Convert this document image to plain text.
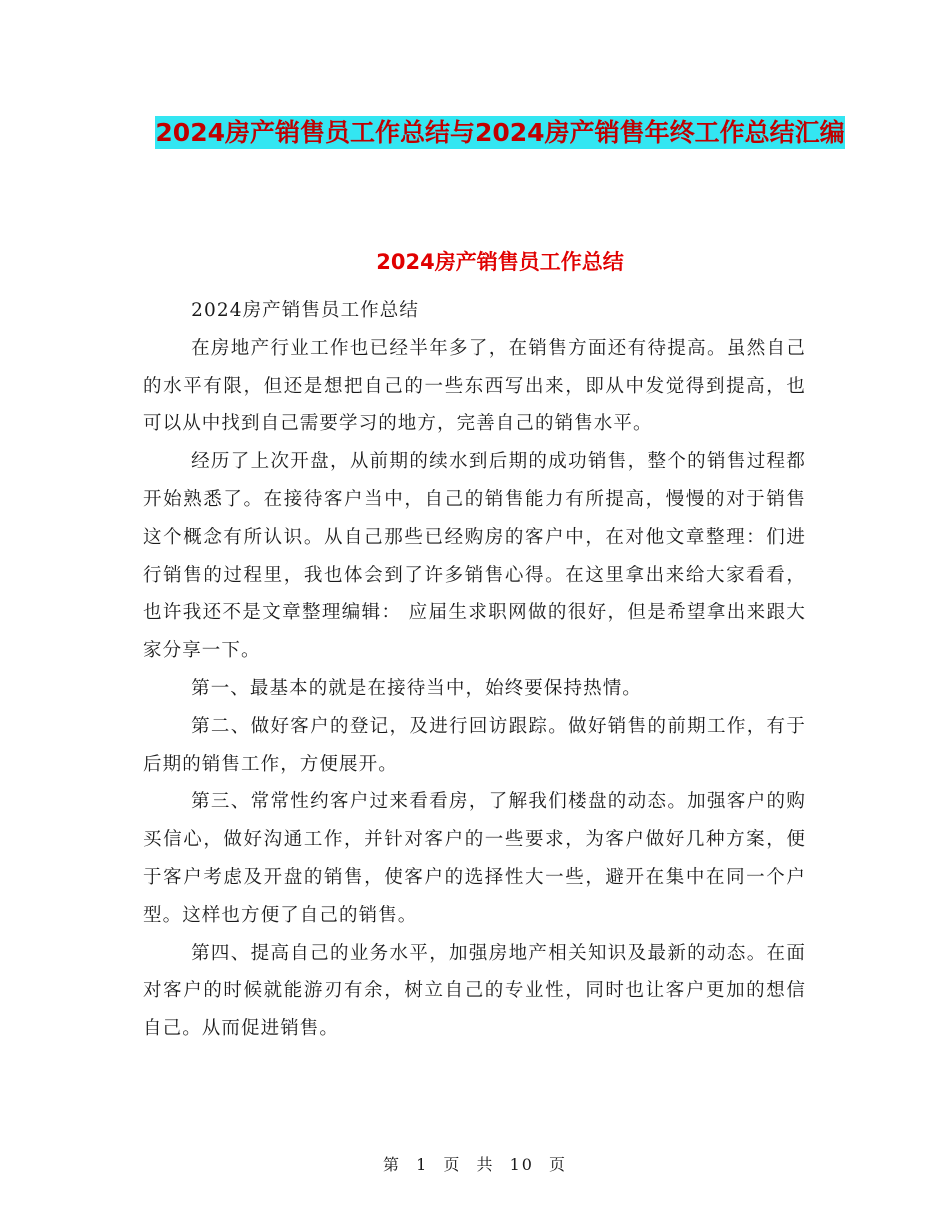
2024房产销售员工作总结与2024房产销售年终工作总结汇编
2024房产销售员工作总结

2024房产销售员工作总结

在房地产行业工作也已经半年多了，在销售方面还有待提高。虽然自己的水平有限，但还是想把自己的一些东西写出来，即从中发觉得到提高，也可以从中找到自己需要学习的地方，完善自己的销售水平。

经历了上次开盘，从前期的续水到后期的成功销售，整个的销售过程都开始熟悉了。在接待客户当中，自己的销售能力有所提高，慢慢的对于销售这个概念有所认识。从自己那些已经购房的客户中，在对他文章整理：们进行销售的过程里，我也体会到了许多销售心得。在这里拿出来给大家看看，也许我还不是文章整理编辑： 应届生求职网做的很好，但是希望拿出来跟大家分享一下。

第一、最基本的就是在接待当中，始终要保持热情。

第二、做好客户的登记，及进行回访跟踪。做好销售的前期工作，有于后期的销售工作，方便展开。

第三、常常性约客户过来看看房，了解我们楼盘的动态。加强客户的购买信心，做好沟通工作，并针对客户的一些要求，为客户做好几种方案，便于客户考虑及开盘的销售，使客户的选择性大一些，避开在集中在同一个户型。这样也方便了自己的销售。

第四、提高自己的业务水平，加强房地产相关知识及最新的动态。在面对客户的时候就能游刃有余，树立自己的专业性，同时也让客户更加的想信自己。从而促进销售。

第 1 页 共 10 页
